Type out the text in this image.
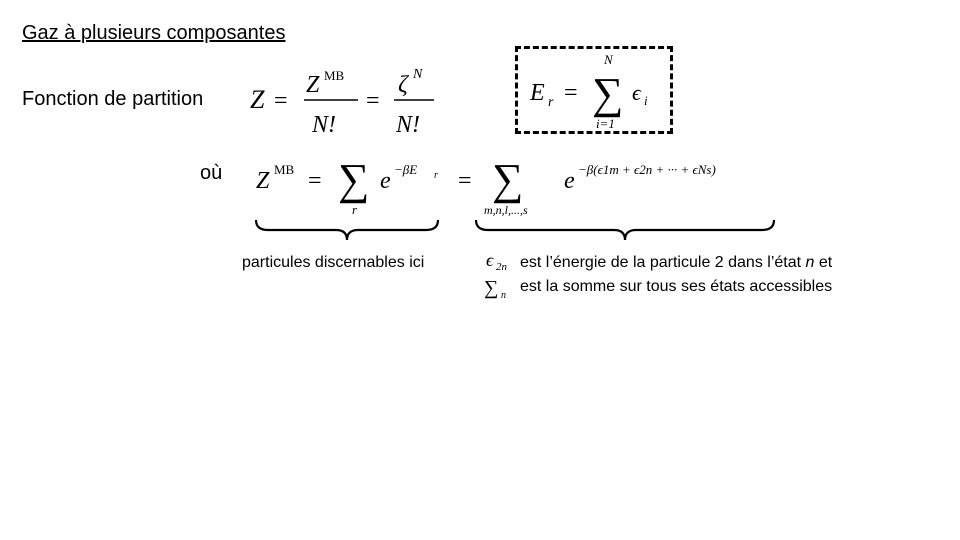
Gaz à plusieurs composantes
Fonction de partition Z =
Z MB
N!
=
ζ N
N!
E r =
N
∑
i=1
ϵ i
où Z MB = ∑
r
e −βE r = ∑
m,n,l,...,s
e −β(ϵ1m + ϵ2n + ··· + ϵNs)
particules discernables ici	ϵ 2n est l’énergie de la particule 2 dans l’état n et
∑ n
est la somme sur tous ses états accessibles
